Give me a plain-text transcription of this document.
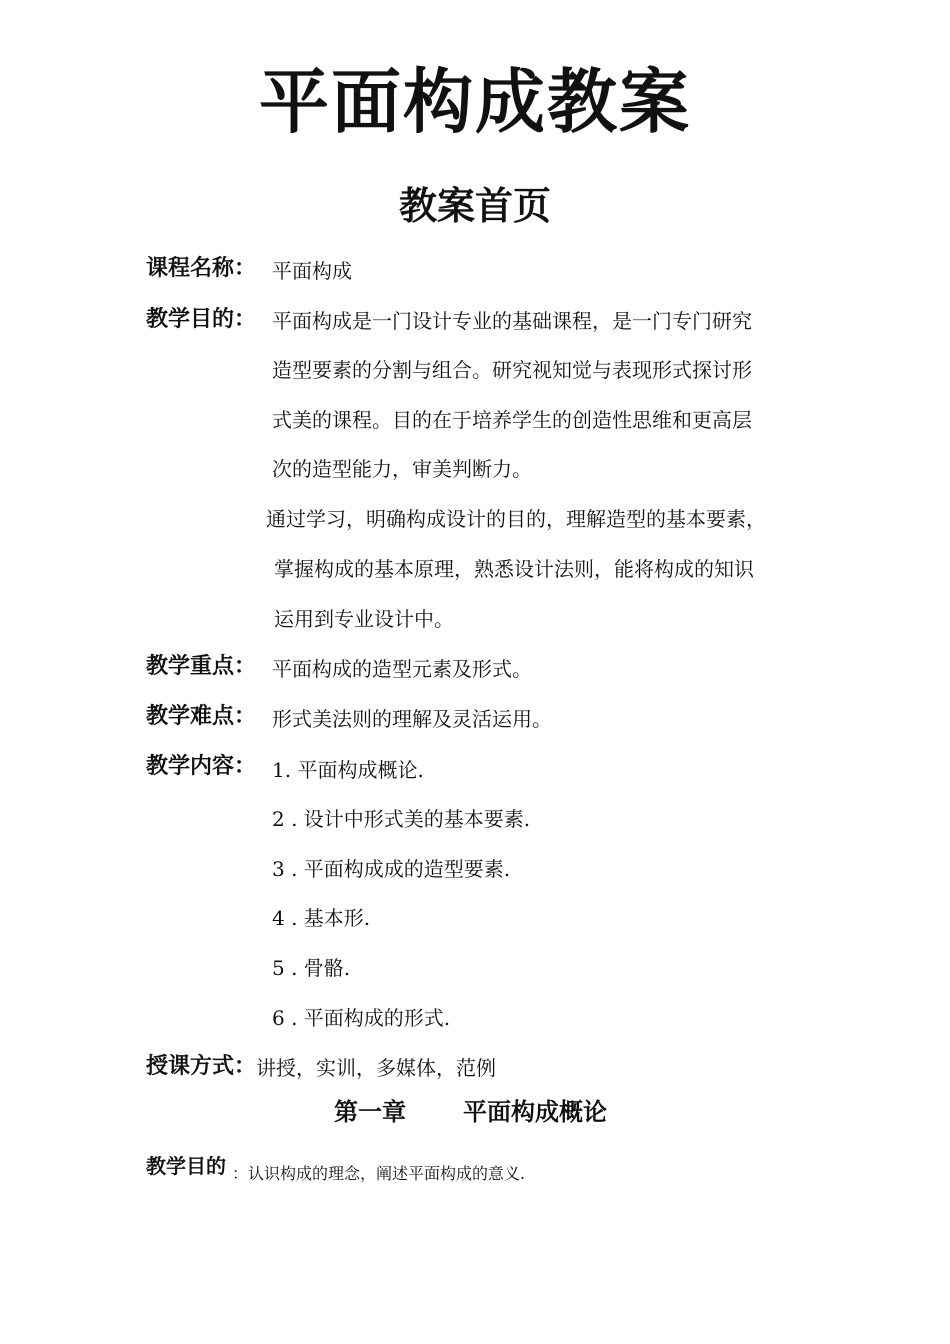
平面构成教案
教案首页
课程名称： 平面构成
教学目的： 平面构成是一门设计专业的基础课程，是一门专门研究
造型要素的分割与组合。研究视知觉与表现形式探讨形
式美的课程。目的在于培养学生的创造性思维和更高层
次的造型能力，审美判断力。
通过学习，明确构成设计的目的，理解造型的基本要素，
掌握构成的基本原理，熟悉设计法则，能将构成的知识
运用到专业设计中。
教学重点： 平面构成的造型元素及形式。
教学难点： 形式美法则的理解及灵活运用。
教学内容： 1. 平面构成概论.
2 . 设计中形式美的基本要素.
3 . 平面构成成的造型要素.
4 . 基本形.
5 . 骨骼.
6 . 平面构成的形式.
授课方式： 讲授，实训，多媒体，范例
第一章 平面构成概论
教学目的 ：认识构成的理念，阐述平面构成的意义.
